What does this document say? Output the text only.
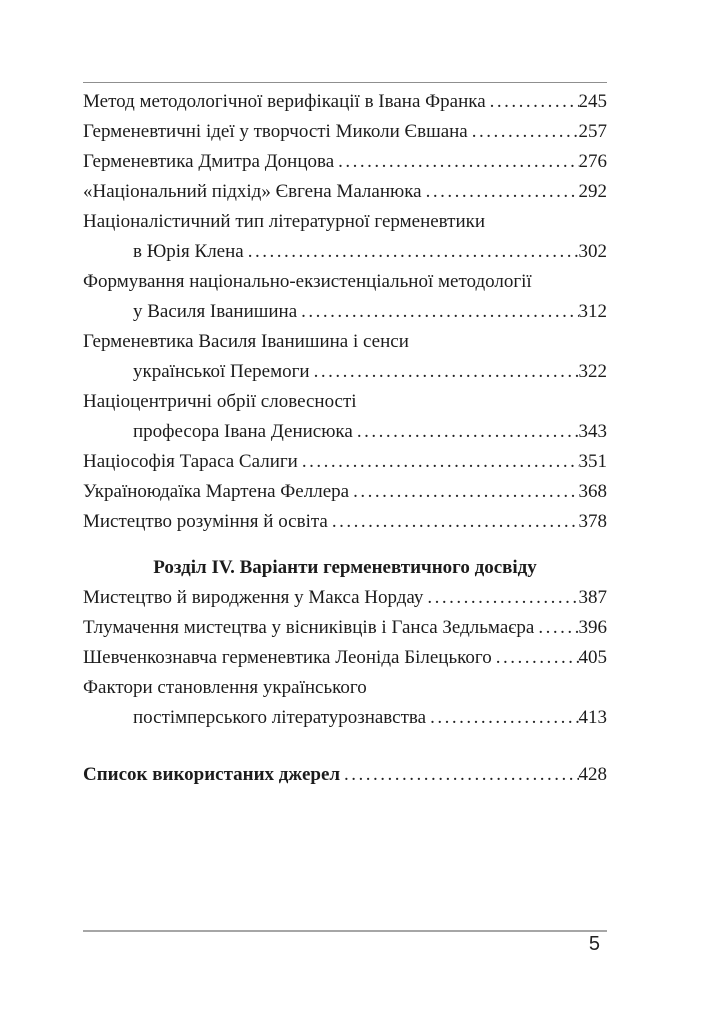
Метод методологічної верифікації в Івана Франка .....	245
Герменевтичні ідеї у творчості Миколи Євшана .....	257
Герменевтика Дмитра Донцова .....	276
«Національний підхід» Євгена Маланюка .....	292
Націоналістичний тип літературної герменевтики
в Юрія Клена .....	302
Формування національно-екзистенціальної методології
у Василя Іванишина .....	312
Герменевтика Василя Іванишина і сенси
української Перемоги .....	322
Націоцентричні обрії словесності
професора Івана Денисюка .....	343
Націософія Тараса Салиги .....	351
Україноюдаїка Мартена Феллера .....	368
Мистецтво розуміння й освіта .....	378
Розділ IV. Варіанти герменевтичного досвіду
Мистецтво й виродження у Макса Нордау .....	387
Тлумачення мистецтва у вісниківців і Ганса Зедльмаєра ..... 396
Шевченкознавча герменевтика Леоніда Білецького .....	405
Фактори становлення українського
постімперського літературознавства .....	413
Список використаних джерел .....	428
5
